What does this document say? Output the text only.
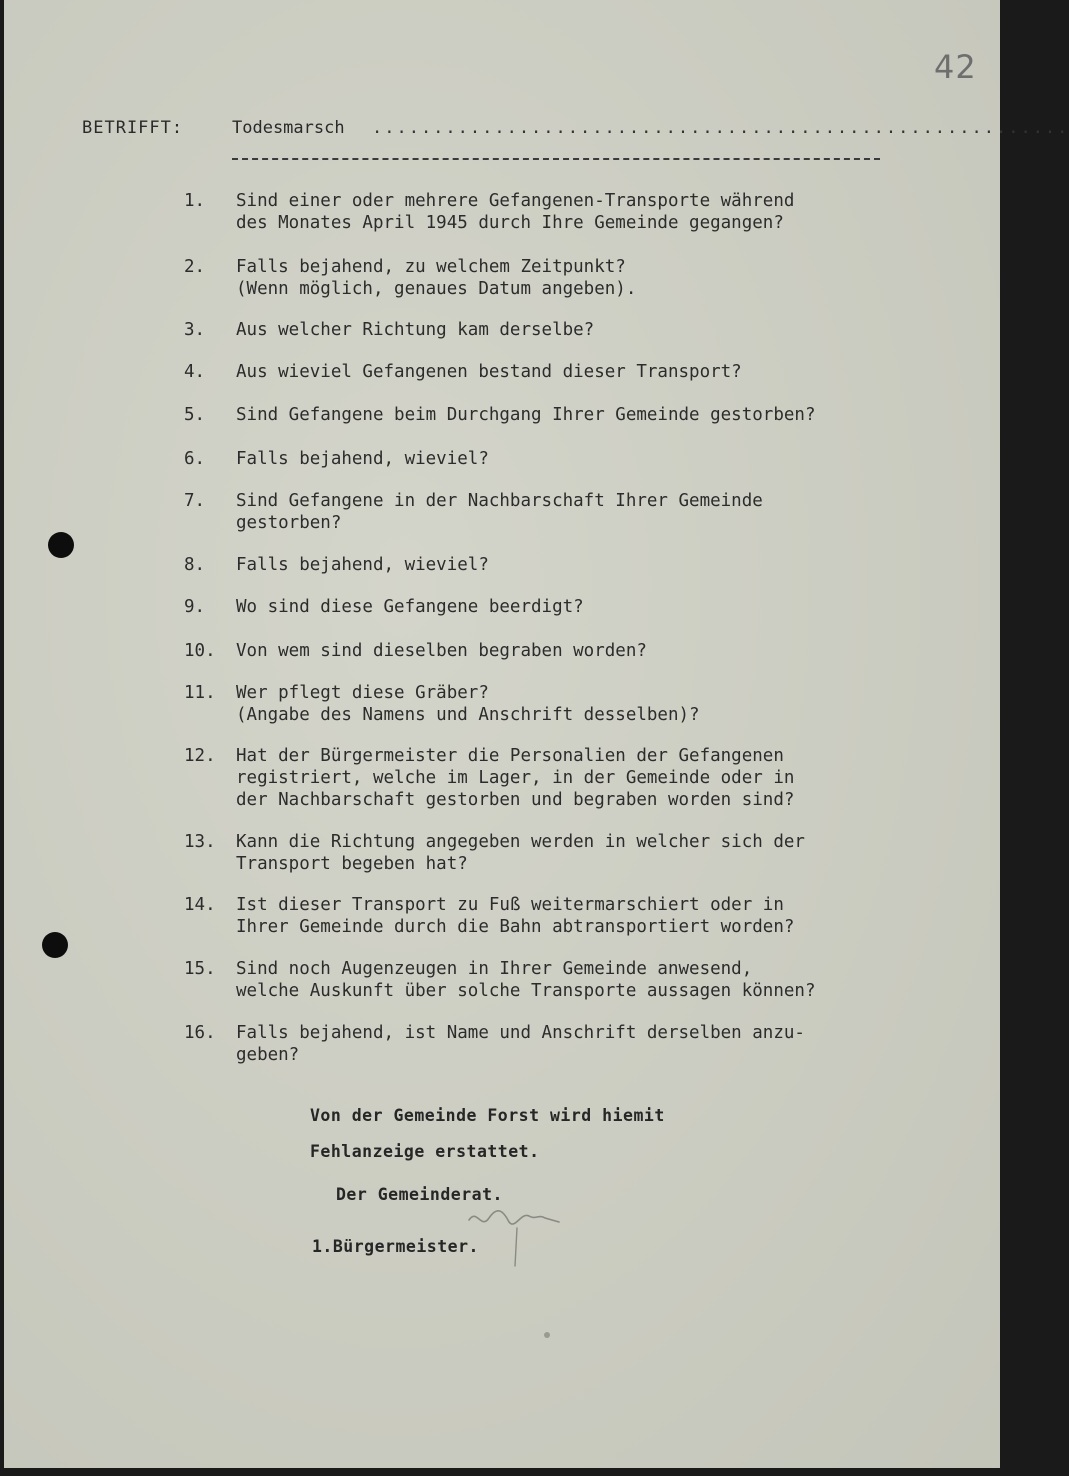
42
BETRIFFT:	Todesmarsch .........................................................
1.	Sind einer oder mehrere Gefangenen-Transporte während
des Monates April 1945 durch Ihre Gemeinde gegangen?
2.	Falls bejahend, zu welchem Zeitpunkt?
(Wenn möglich, genaues Datum angeben).
3.	Aus welcher Richtung kam derselbe?
4.	Aus wieviel Gefangenen bestand dieser Transport?
5.	Sind Gefangene beim Durchgang Ihrer Gemeinde gestorben?
6.	Falls bejahend, wieviel?
7.	Sind Gefangene in der Nachbarschaft Ihrer Gemeinde
gestorben?
8.	Falls bejahend, wieviel?
9.	Wo sind diese Gefangene beerdigt?
10.	Von wem sind dieselben begraben worden?
11.	Wer pflegt diese Gräber?
(Angabe des Namens und Anschrift desselben)?
12.	Hat der Bürgermeister die Personalien der Gefangenen
registriert, welche im Lager, in der Gemeinde oder in
der Nachbarschaft gestorben und begraben worden sind?
13.	Kann die Richtung angegeben werden in welcher sich der
Transport begeben hat?
14.	Ist dieser Transport zu Fuß weitermarschiert oder in
Ihrer Gemeinde durch die Bahn abtransportiert worden?
15.	Sind noch Augenzeugen in Ihrer Gemeinde anwesend,
welche Auskunft über solche Transporte aussagen können?
16.	Falls bejahend, ist Name und Anschrift derselben anzu-
geben?
Von der Gemeinde Forst wird hiemit
Fehlanzeige erstattet.
Der Gemeinderat.
1.Bürgermeister.
